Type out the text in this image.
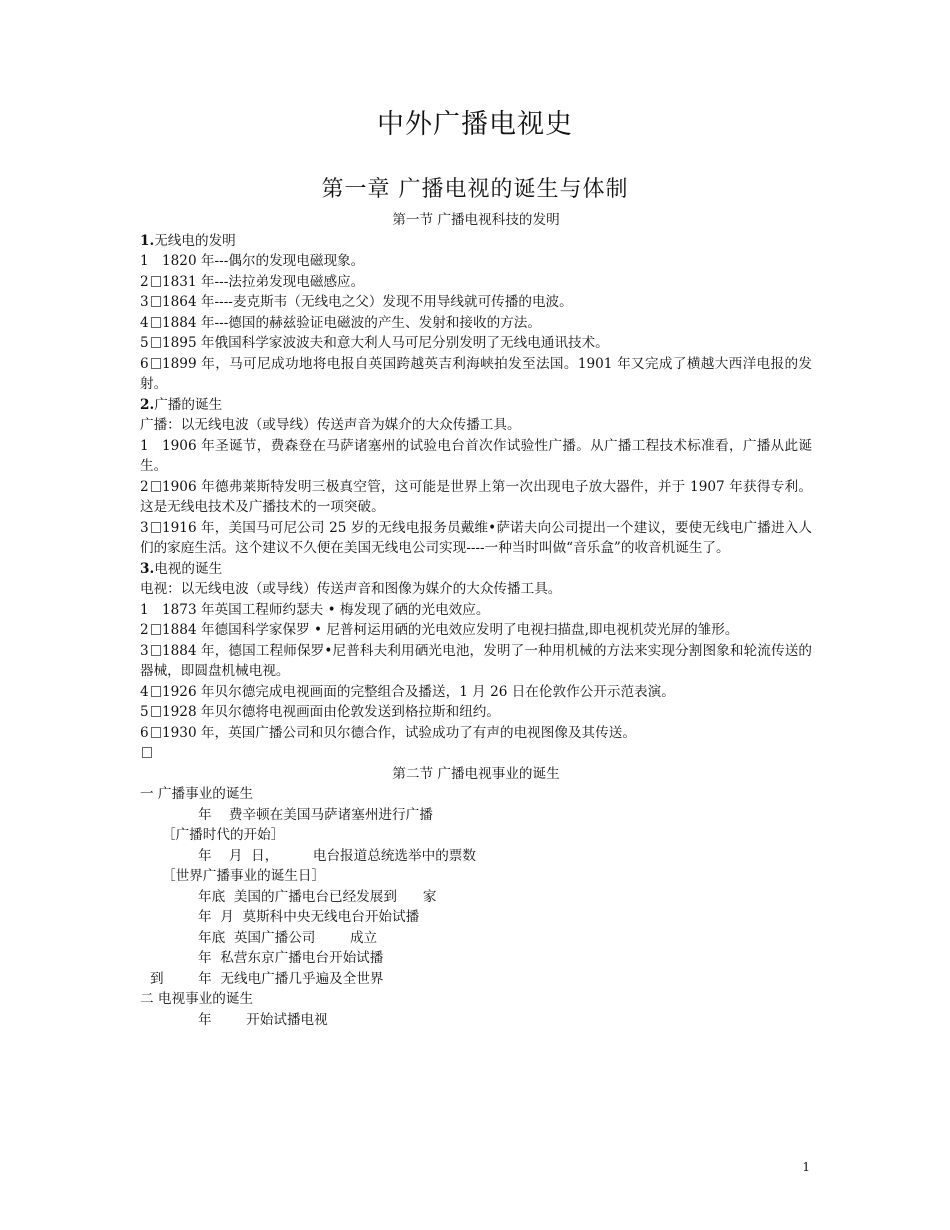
中外广播电视史
第一章 广播电视的诞生与体制

第一节 广播电视科技的发明

1.无线电的发明

1 1820 年---偶尔的发现电磁现象。

2 1831 年---法拉弟发现电磁感应。

3 1864 年----麦克斯韦（无线电之父）发现不用导线就可传播的电波。

4 1884 年---德国的赫兹验证电磁波的产生、发射和接收的方法。

5 1895 年俄国科学家波波夫和意大利人马可尼分别发明了无线电通讯技术。

6 1899 年，马可尼成功地将电报自英国跨越英吉利海峡拍发至法国。1901 年又完成了横越大西洋电报的发射。

2.广播的诞生

广播：以无线电波（或导线）传送声音为媒介的大众传播工具。

1 1906 年圣诞节，费森登在马萨诸塞州的试验电台首次作试验性广播。从广播工程技术标准看，广播从此诞生。

2 1906 年德弗莱斯特发明三极真空管，这可能是世界上第一次出现电子放大器件，并于 1907 年获得专利。这是无线电技术及广播技术的一项突破。

3 1916 年，美国马可尼公司 25 岁的无线电报务员戴维•萨诺夫向公司提出一个建议，要使无线电广播进入人们的家庭生活。这个建议不久便在美国无线电公司实现----一种当时叫做“音乐盒”的收音机诞生了。

3.电视的诞生

电视：以无线电波（或导线）传送声音和图像为媒介的大众传播工具。

1 1873 年英国工程师约瑟夫 • 梅发现了硒的光电效应。

2 1884 年德国科学家保罗 • 尼普柯运用硒的光电效应发明了电视扫描盘,即电视机荧光屏的雏形。

3 1884 年，德国工程师保罗•尼普科夫利用硒光电池，发明了一种用机械的方法来实现分割图象和轮流传送的器械，即圆盘机械电视。

4 1926 年贝尔德完成电视画面的完整组合及播送，1 月 26 日在伦敦作公开示范表演。

5 1928 年贝尔德将电视画面由伦敦发送到格拉斯和纽约。

6 1930 年，英国广播公司和贝尔德合作，试验成功了有声的电视图像及其传送。

第二节 广播电视事业的诞生

一 广播事业的诞生

年    费辛顿在美国马萨诸塞州进行广播

［广播时代的开始］

年    月  日，        电台报道总统选举中的票数

［世界广播事业的诞生日］

年底  美国的广播电台已经发展到      家

年  月  莫斯科中央无线电台开始试播

年底  英国广播公司        成立

年  私营东京广播电台开始试播

到        年  无线电广播几乎遍及全世界

二 电视事业的诞生

年        开始试播电视

1
